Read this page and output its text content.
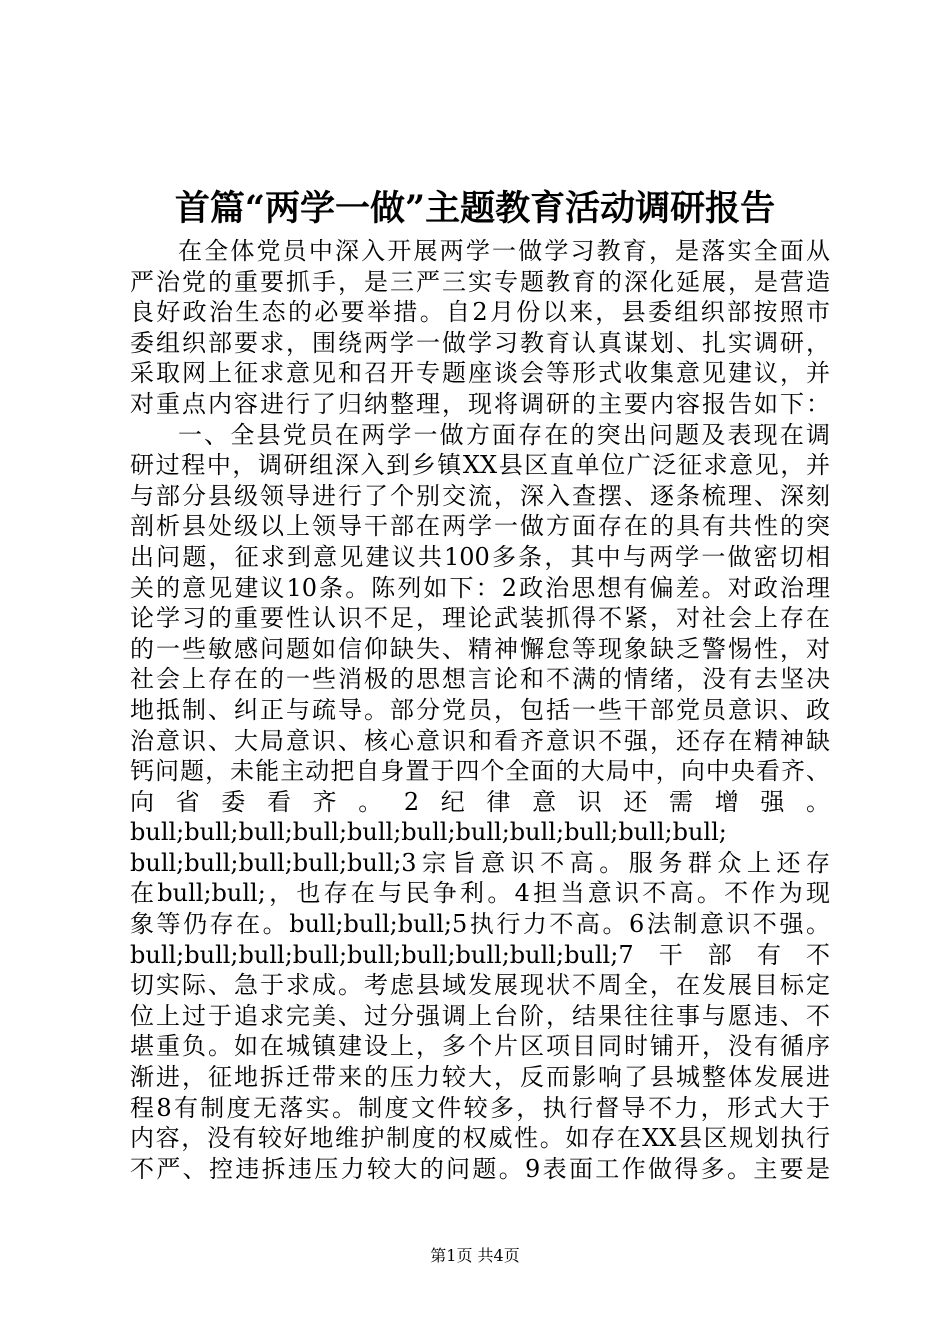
首篇“两学一做”主题教育活动调研报告
在全体党员中深入开展两学一做学习教育，是落实全面从
严治党的重要抓手，是三严三实专题教育的深化延展，是营造
良好政治生态的必要举措。自2月份以来，县委组织部按照市
委组织部要求，围绕两学一做学习教育认真谋划、扎实调研，
采取网上征求意见和召开专题座谈会等形式收集意见建议，并
对重点内容进行了归纳整理，现将调研的主要内容报告如下：
一、全县党员在两学一做方面存在的突出问题及表现在调
研过程中，调研组深入到乡镇XX县区直单位广泛征求意见，并
与部分县级领导进行了个别交流，深入查摆、逐条梳理、深刻
剖析县处级以上领导干部在两学一做方面存在的具有共性的突
出问题，征求到意见建议共100多条，其中与两学一做密切相
关的意见建议10条。陈列如下：2政治思想有偏差。对政治理
论学习的重要性认识不足，理论武装抓得不紧，对社会上存在
的一些敏感问题如信仰缺失、精神懈怠等现象缺乏警惕性，对
社会上存在的一些消极的思想言论和不满的情绪，没有去坚决
地抵制、纠正与疏导。部分党员，包括一些干部党员意识、政
治意识、大局意识、核心意识和看齐意识不强，还存在精神缺
钙问题，未能主动把自身置于四个全面的大局中，向中央看齐、
向省委看齐。2纪律意识还需增强。
bull;bull;bull;bull;bull;bull;bull;bull;bull;bull;bull;
bull;bull;bull;bull;bull;3宗旨意识不高。服务群众上还存
在bull;bull;，也存在与民争利。4担当意识不高。不作为现
象等仍存在。bull;bull;bull;5执行力不高。6法制意识不强。
bull;bull;bull;bull;bull;bull;bull;bull;bull;7干部有不
切实际、急于求成。考虑县域发展现状不周全，在发展目标定
位上过于追求完美、过分强调上台阶，结果往往事与愿违、不
堪重负。如在城镇建设上，多个片区项目同时铺开，没有循序
渐进，征地拆迁带来的压力较大，反而影响了县城整体发展进
程8有制度无落实。制度文件较多，执行督导不力，形式大于
内容，没有较好地维护制度的权威性。如存在XX县区规划执行
不严、控违拆违压力较大的问题。9表面工作做得多。主要是
第1页 共4页
